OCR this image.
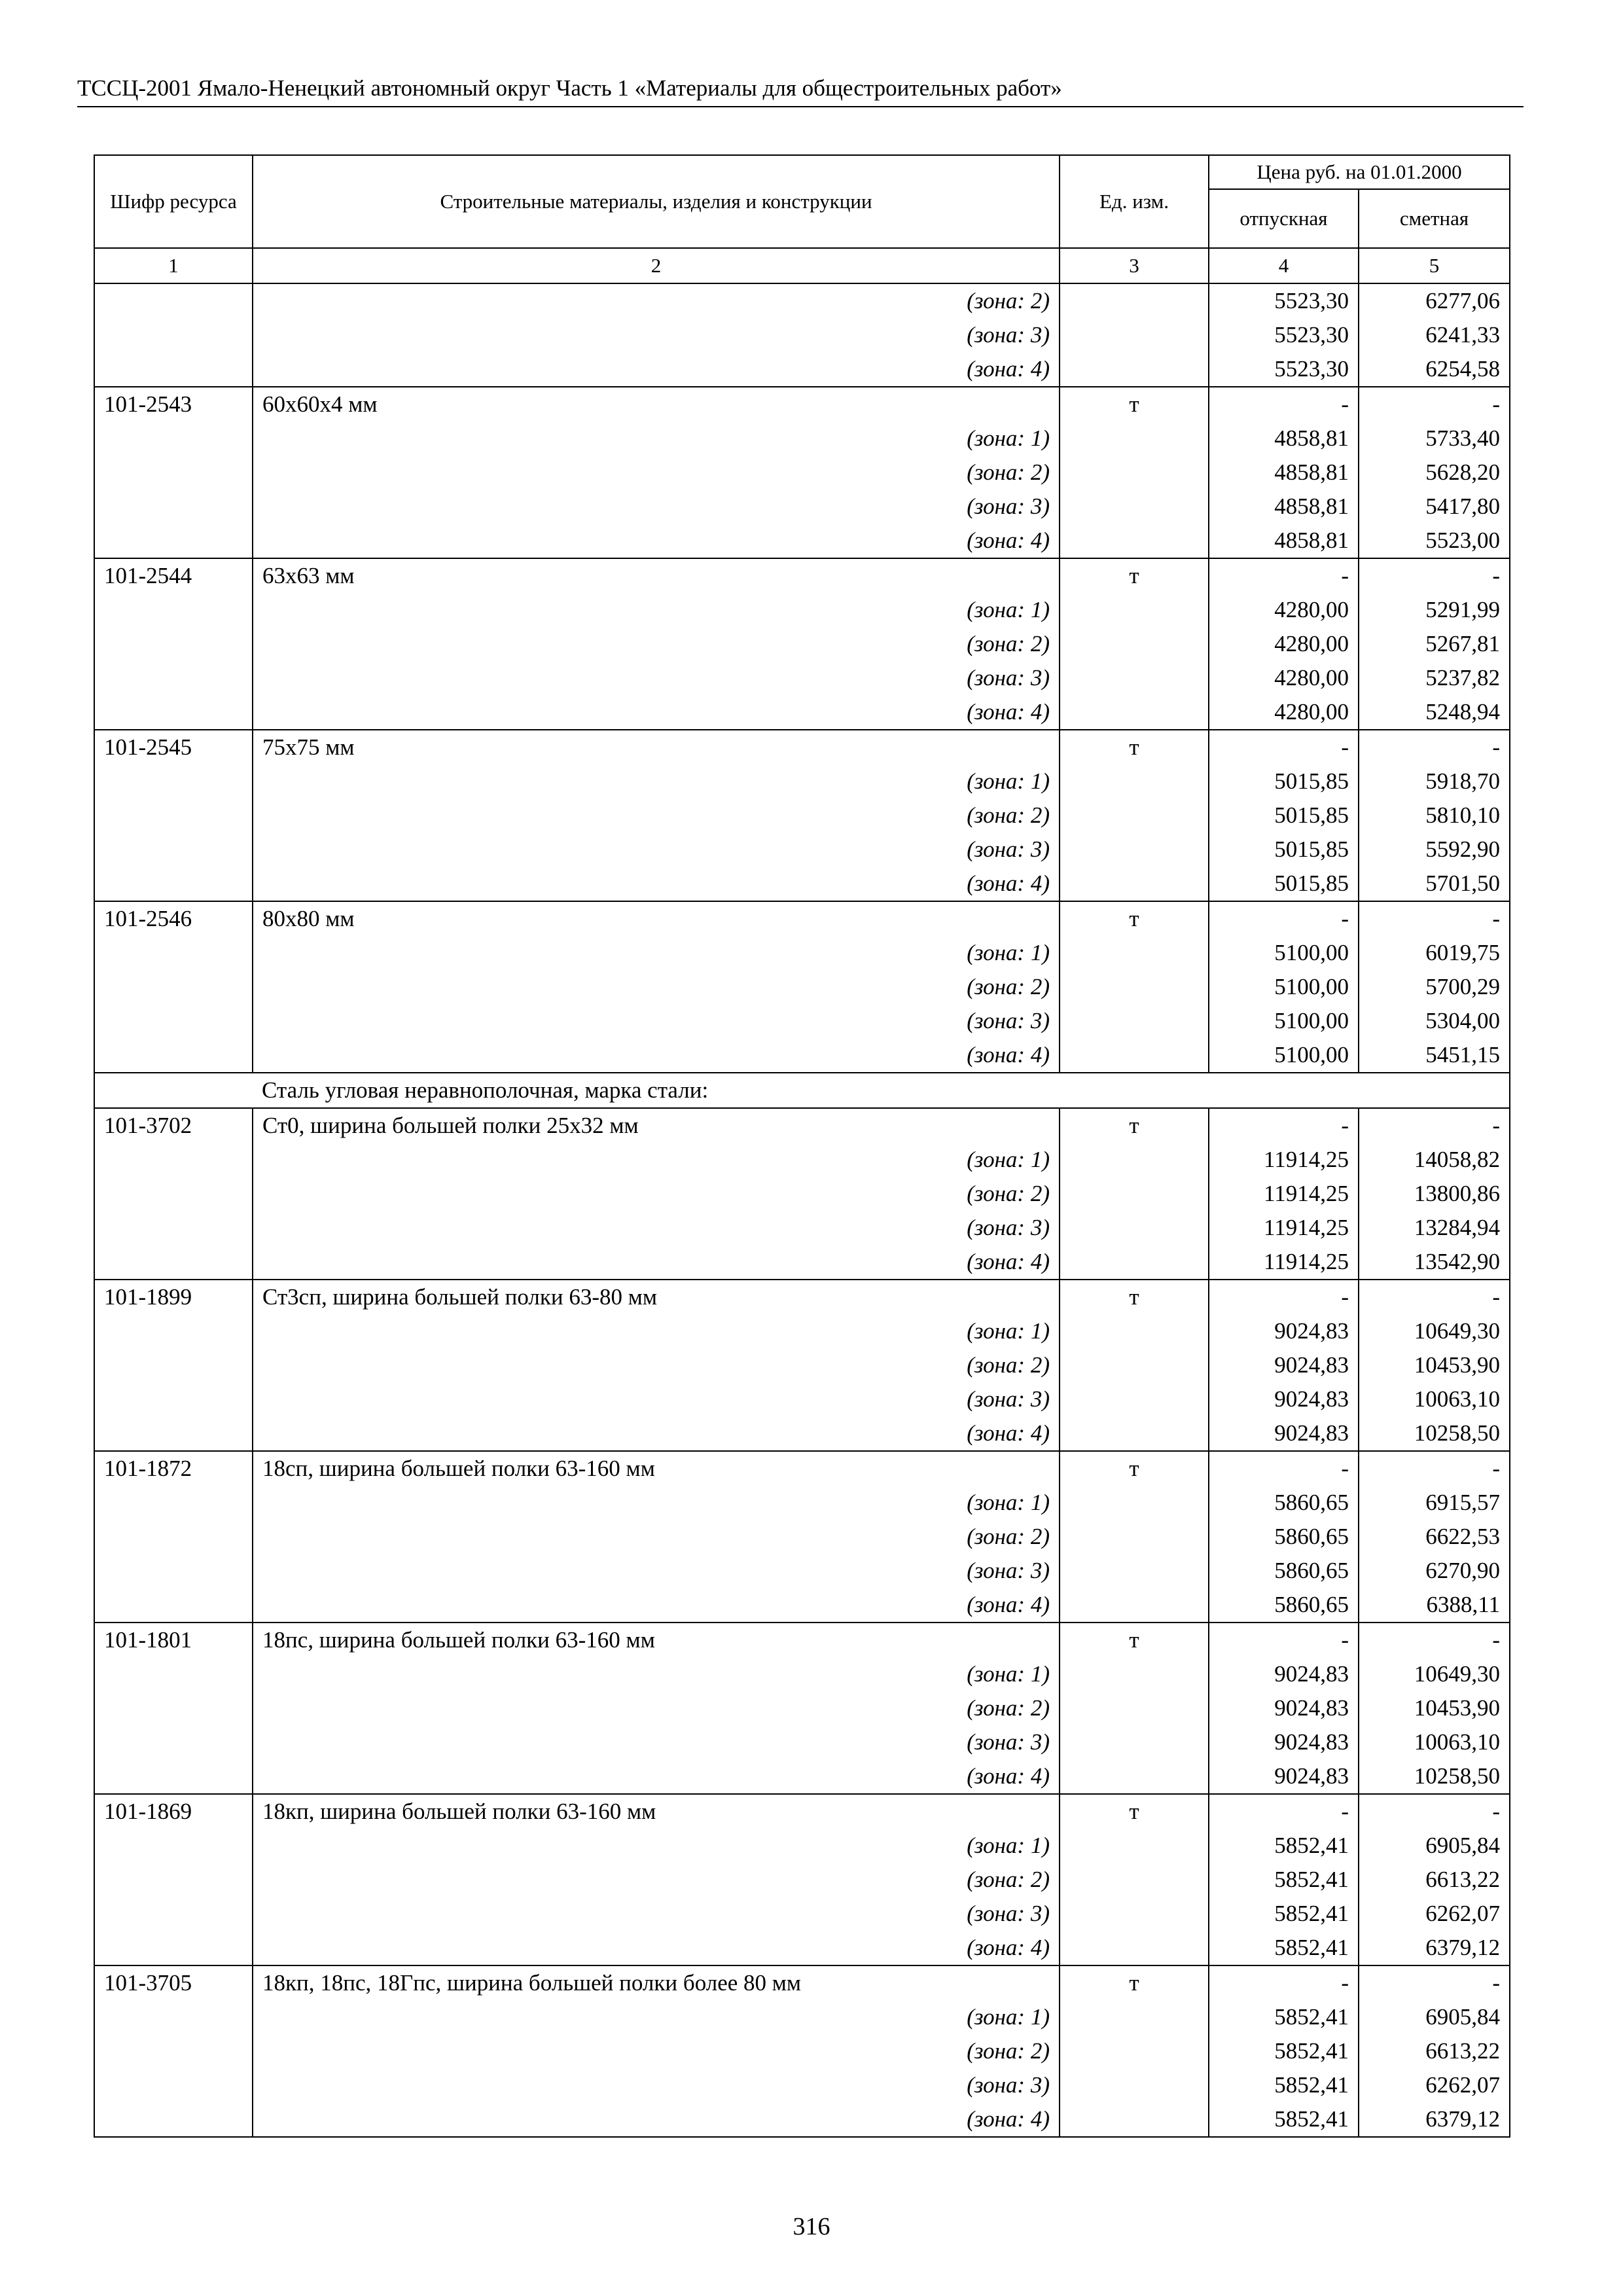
ТССЦ-2001 Ямало-Ненецкий автономный округ Часть 1 «Материалы для общестроительных работ»
Шифр ресурса	Строительные материалы, изделия и конструкции	Ед. изм.	Цена руб. на 01.01.2000	
			отпускная	сметная
1	2	3	4	5
	(зона: 2)		5523,30	6277,06
	(зона: 3)		5523,30	6241,33
	(зона: 4)		5523,30	6254,58
101-2543	60х60х4 мм	т	-	-
	(зона: 1)		4858,81	5733,40
	(зона: 2)		4858,81	5628,20
	(зона: 3)		4858,81	5417,80
	(зона: 4)		4858,81	5523,00
101-2544	63х63 мм	т	-	-
	(зона: 1)		4280,00	5291,99
	(зона: 2)		4280,00	5267,81
	(зона: 3)		4280,00	5237,82
	(зона: 4)		4280,00	5248,94
101-2545	75х75 мм	т	-	-
	(зона: 1)		5015,85	5918,70
	(зона: 2)		5015,85	5810,10
	(зона: 3)		5015,85	5592,90
	(зона: 4)		5015,85	5701,50
101-2546	80х80 мм	т	-	-
	(зона: 1)		5100,00	6019,75
	(зона: 2)		5100,00	5700,29
	(зона: 3)		5100,00	5304,00
	(зона: 4)		5100,00	5451,15
Сталь угловая неравнополочная, марка стали:				
101-3702	Ст0, ширина большей полки 25х32 мм	т	-	-
	(зона: 1)		11914,25	14058,82
	(зона: 2)		11914,25	13800,86
	(зона: 3)		11914,25	13284,94
	(зона: 4)		11914,25	13542,90
101-1899	Ст3сп, ширина большей полки 63-80 мм	т	-	-
	(зона: 1)		9024,83	10649,30
	(зона: 2)		9024,83	10453,90
	(зона: 3)		9024,83	10063,10
	(зона: 4)		9024,83	10258,50
101-1872	18сп, ширина большей полки 63-160 мм	т	-	-
	(зона: 1)		5860,65	6915,57
	(зона: 2)		5860,65	6622,53
	(зона: 3)		5860,65	6270,90
	(зона: 4)		5860,65	6388,11
101-1801	18пс, ширина большей полки 63-160 мм	т	-	-
	(зона: 1)		9024,83	10649,30
	(зона: 2)		9024,83	10453,90
	(зона: 3)		9024,83	10063,10
	(зона: 4)		9024,83	10258,50
101-1869	18кп, ширина большей полки 63-160 мм	т	-	-
	(зона: 1)		5852,41	6905,84
	(зона: 2)		5852,41	6613,22
	(зона: 3)		5852,41	6262,07
	(зона: 4)		5852,41	6379,12
101-3705	18кп, 18пс, 18Гпс, ширина большей полки более 80 мм	т	-	-
	(зона: 1)		5852,41	6905,84
	(зона: 2)		5852,41	6613,22
	(зона: 3)		5852,41	6262,07
	(зона: 4)		5852,41	6379,12
316
